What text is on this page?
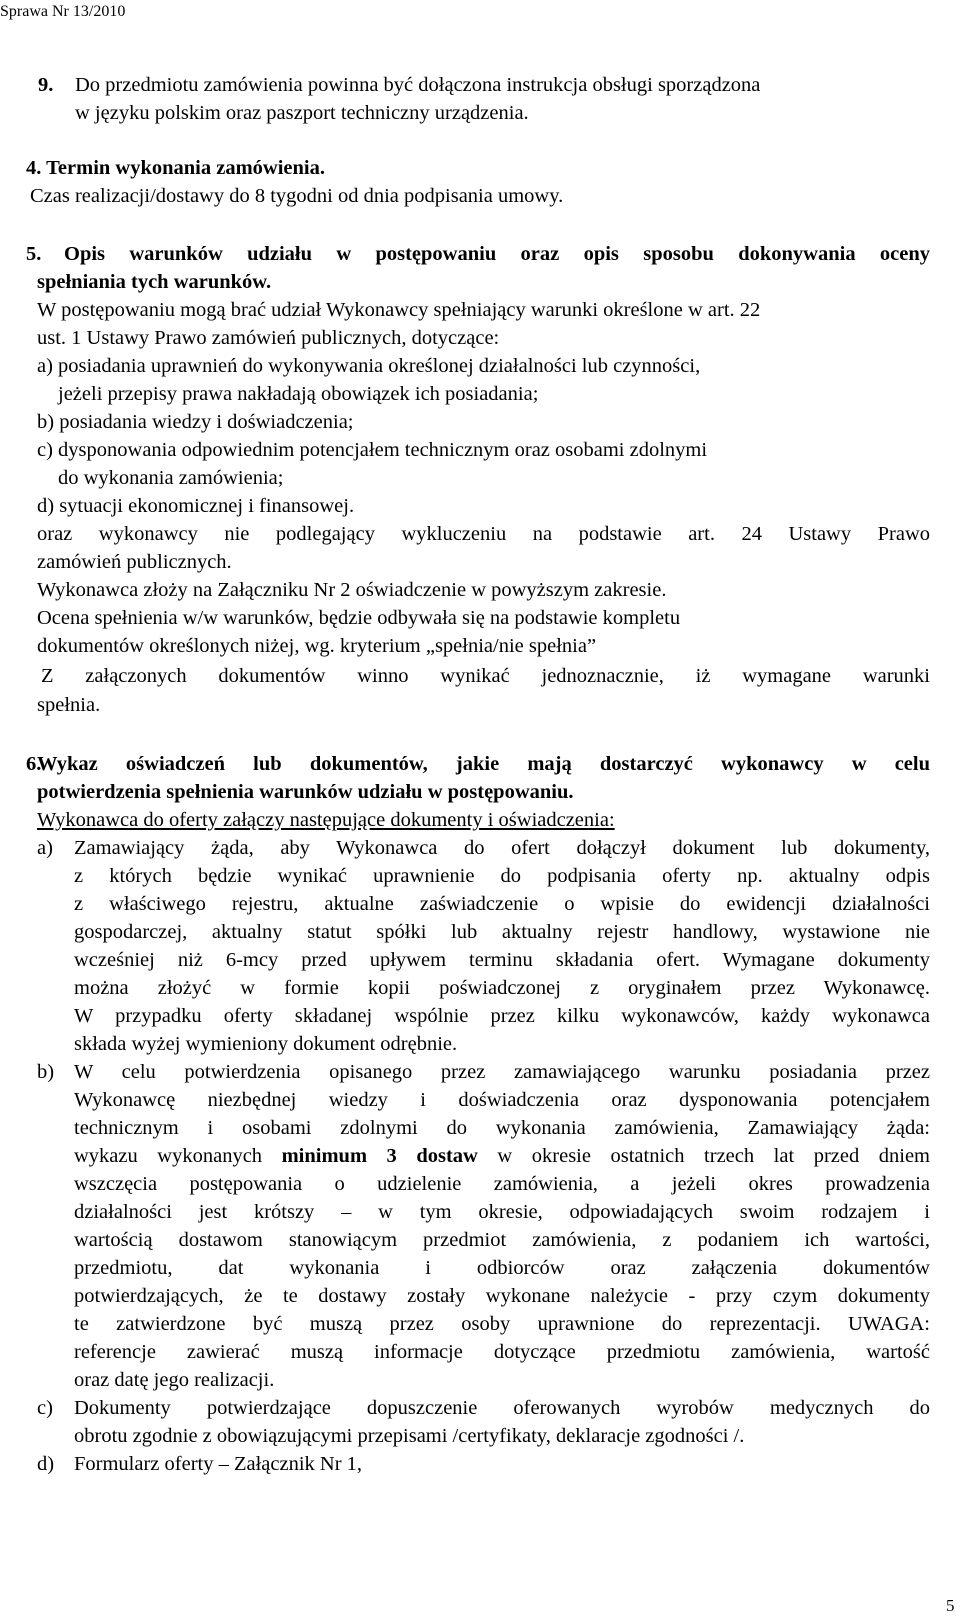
Sprawa Nr 13/2010
9. Do przedmiotu zamówienia powinna być dołączona instrukcja obsługi sporządzona
w języku polskim oraz paszport techniczny urządzenia.
4. Termin wykonania zamówienia.
Czas realizacji/dostawy do 8 tygodni od dnia podpisania umowy.
5. Opis warunków udziału w postępowaniu oraz opis sposobu dokonywania oceny
spełniania tych warunków.
W postępowaniu mogą brać udział Wykonawcy spełniający warunki określone w art. 22
ust. 1 Ustawy Prawo zamówień publicznych, dotyczące:
a) posiadania uprawnień do wykonywania określonej działalności lub czynności,
jeżeli przepisy prawa nakładają obowiązek ich posiadania;
b) posiadania wiedzy i doświadczenia;
c) dysponowania odpowiednim potencjałem technicznym oraz osobami zdolnymi
do wykonania zamówienia;
d) sytuacji ekonomicznej i finansowej.
oraz wykonawcy nie podlegający wykluczeniu na podstawie art. 24 Ustawy Prawo
zamówień publicznych.
Wykonawca złoży na Załączniku Nr 2 oświadczenie w powyższym zakresie.
Ocena spełnienia w/w warunków, będzie odbywała się na podstawie kompletu
dokumentów określonych niżej, wg. kryterium „spełnia/nie spełnia”
Z załączonych dokumentów winno wynikać jednoznacznie, iż wymagane warunki
spełnia.
6.
Wykaz oświadczeń lub dokumentów, jakie mają dostarczyć wykonawcy w celu
potwierdzenia spełnienia warunków udziału w postępowaniu.
Wykonawca do oferty załączy następujące dokumenty i oświadczenia:
a) Zamawiający żąda, aby Wykonawca do ofert dołączył dokument lub dokumenty,
z których będzie wynikać uprawnienie do podpisania oferty np. aktualny odpis
z właściwego rejestru, aktualne zaświadczenie o wpisie do ewidencji działalności
gospodarczej, aktualny statut spółki lub aktualny rejestr handlowy, wystawione nie
wcześniej niż 6-mcy przed upływem terminu składania ofert. Wymagane dokumenty
można złożyć w formie kopii poświadczonej z oryginałem przez Wykonawcę.
W przypadku oferty składanej wspólnie przez kilku wykonawców, każdy wykonawca
składa wyżej wymieniony dokument odrębnie.
b) W celu potwierdzenia opisanego przez zamawiającego warunku posiadania przez
Wykonawcę niezbędnej wiedzy i doświadczenia oraz dysponowania potencjałem
technicznym i osobami zdolnymi do wykonania zamówienia, Zamawiający żąda:
wykazu wykonanych minimum 3 dostaw w okresie ostatnich trzech lat przed dniem
wszczęcia postępowania o udzielenie zamówienia, a jeżeli okres prowadzenia
działalności jest krótszy – w tym okresie, odpowiadających swoim rodzajem i
wartością dostawom stanowiącym przedmiot zamówienia, z podaniem ich wartości,
przedmiotu, dat wykonania i odbiorców oraz załączenia dokumentów
potwierdzających, że te dostawy zostały wykonane należycie - przy czym dokumenty
te zatwierdzone być muszą przez osoby uprawnione do reprezentacji. UWAGA:
referencje zawierać muszą informacje dotyczące przedmiotu zamówienia, wartość
oraz datę jego realizacji.
c) Dokumenty potwierdzające dopuszczenie oferowanych wyrobów medycznych do
obrotu zgodnie z obowiązującymi przepisami /certyfikaty, deklaracje zgodności /.
d) Formularz oferty – Załącznik Nr 1,
5
